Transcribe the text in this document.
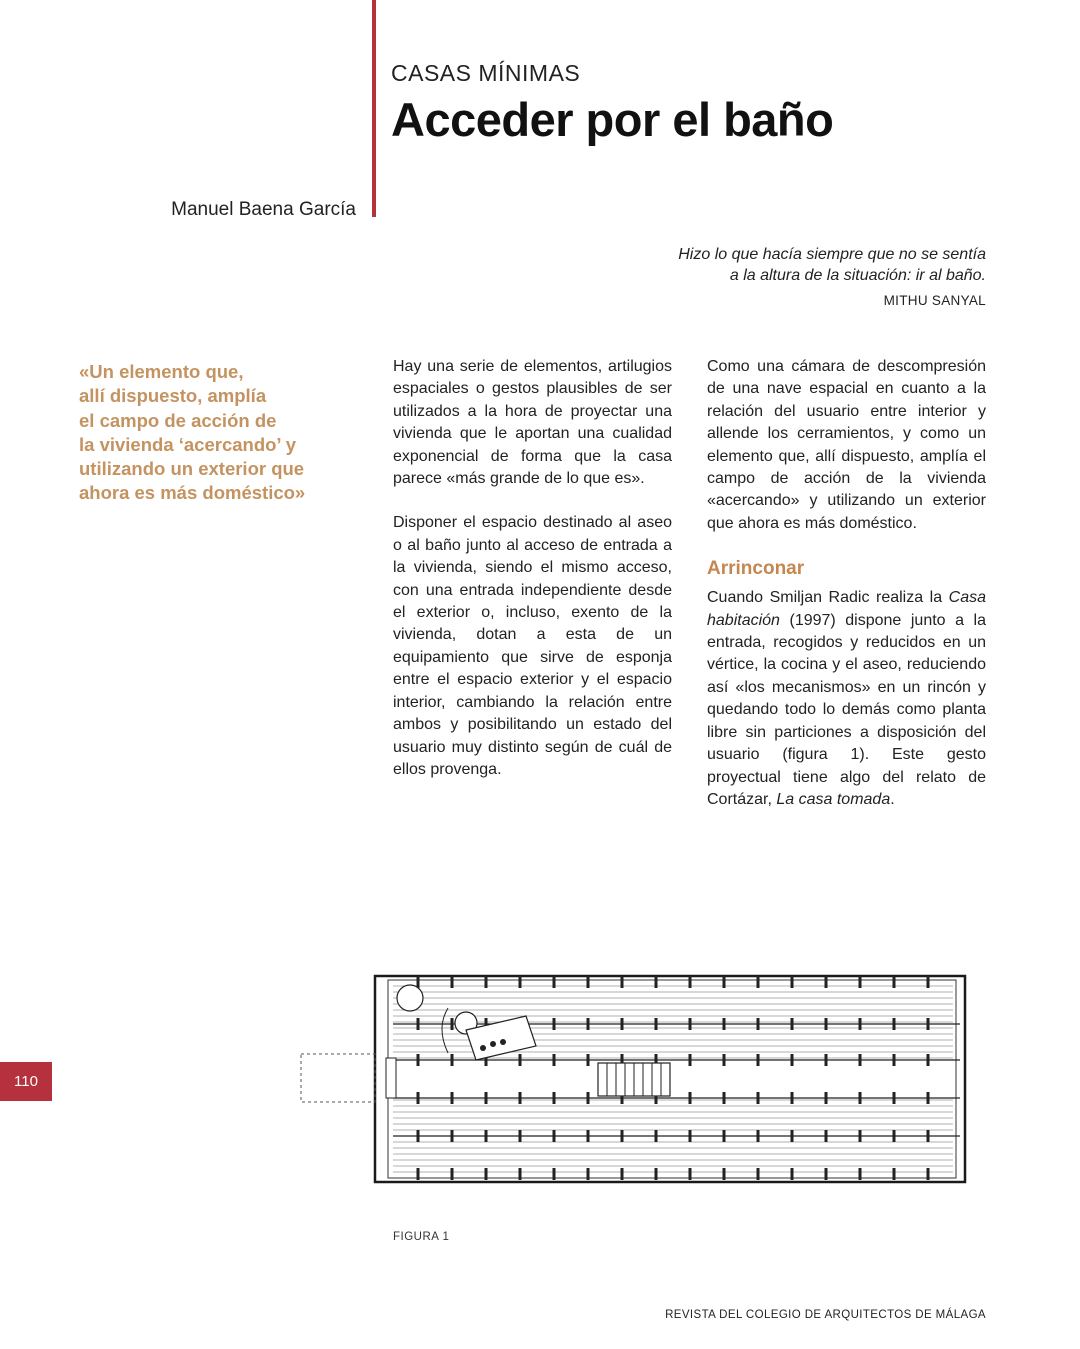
CASAS MÍNIMAS
Acceder por el baño
Manuel Baena García
Hizo lo que hacía siempre que no se sentía
a la altura de la situación: ir al baño.
MITHU SANYAL
«Un elemento que,
allí dispuesto, amplía
el campo de acción de
la vivienda ‘acercando’ y
utilizando un exterior que
ahora es más doméstico»

Hay una serie de elementos, artilugios espaciales o gestos plausibles de ser utilizados a la hora de proyectar una vivienda que le aportan una cualidad exponencial de forma que la casa parece «más grande de lo que es».

Disponer el espacio destinado al aseo o al baño junto al acceso de entrada a la vivienda, siendo el mismo acceso, con una entrada independiente desde el exterior o, incluso, exento de la vivienda, dotan a esta de un equipamiento que sirve de esponja entre el espacio exterior y el espacio interior, cambiando la relación entre ambos y posibilitando un estado del usuario muy distinto según de cuál de ellos provenga.

Como una cámara de descompresión de una nave espacial en cuanto a la relación del usuario entre interior y allende los cerramientos, y como un elemento que, allí dispuesto, amplía el campo de acción de la vivienda «acercando» y utilizando un exterior que ahora es más doméstico.

Arrinconar

Cuando Smiljan Radic realiza la Casa habitación (1997) dispone junto a la entrada, recogidos y reducidos en un vértice, la cocina y el aseo, reduciendo así «los mecanismos» en un rincón y quedando todo lo demás como planta libre sin particiones a disposición del usuario (figura 1). Este gesto proyectual tiene algo del relato de Cortázar, La casa tomada.

110
FIGURA 1
REVISTA DEL COLEGIO DE ARQUITECTOS DE MÁLAGA
